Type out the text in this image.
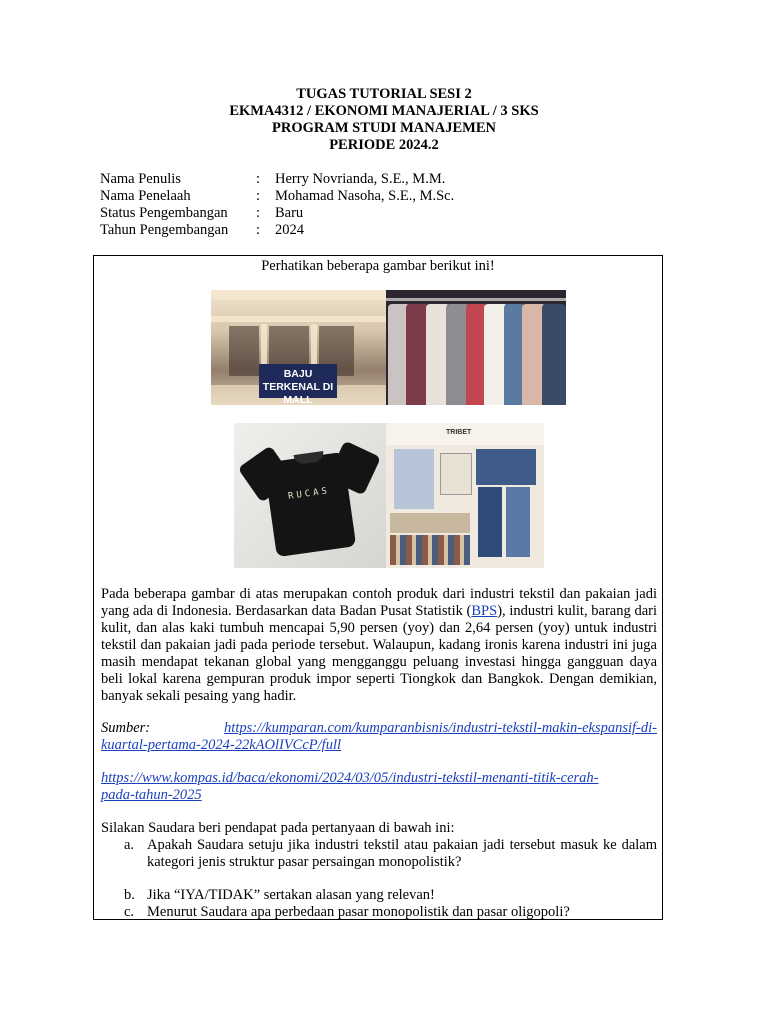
TUGAS TUTORIAL SESI 2
EKMA4312 / EKONOMI MANAJERIAL / 3 SKS
PROGRAM STUDI MANAJEMEN
PERIODE 2024.2
Nama Penulis	: Herry Novrianda, S.E., M.M.
Nama Penelaah	: Mohamad Nasoha, S.E., M.Sc.
Status Pengembangan : Baru
Tahun Pengembangan : 2024
Perhatikan beberapa gambar berikut ini!
BAJU TERKENAL DI MALL
RUCAS
TRIBET
Pada beberapa gambar di atas merupakan contoh produk dari industri tekstil dan pakaian jadi yang ada di Indonesia. Berdasarkan data Badan Pusat Statistik (BPS), industri kulit, barang dari kulit, dan alas kaki tumbuh mencapai 5,90 persen (yoy) dan 2,64 persen (yoy) untuk industri tekstil dan pakaian jadi pada periode tersebut. Walaupun, kadang ironis karena industri ini juga masih mendapat tekanan global yang mengganggu peluang investasi hingga gangguan daya beli lokal karena gempuran produk impor seperti Tiongkok dan Bangkok. Dengan demikian, banyak sekali pesaing yang hadir.
Sumber:	https://kumparan.com/kumparanbisnis/industri-tekstil-makin-ekspansif-di-
kuartal-pertama-2024-22kAOlIVCcP/full
https://www.kompas.id/baca/ekonomi/2024/03/05/industri-tekstil-menanti-titik-cerah-
pada-tahun-2025
Silakan Saudara beri pendapat pada pertanyaan di bawah ini:
a. Apakah Saudara setuju jika industri tekstil atau pakaian jadi tersebut masuk ke dalam kategori jenis struktur pasar persaingan monopolistik?
b. Jika “IYA/TIDAK” sertakan alasan yang relevan!
c. Menurut Saudara apa perbedaan pasar monopolistik dan pasar oligopoli?
